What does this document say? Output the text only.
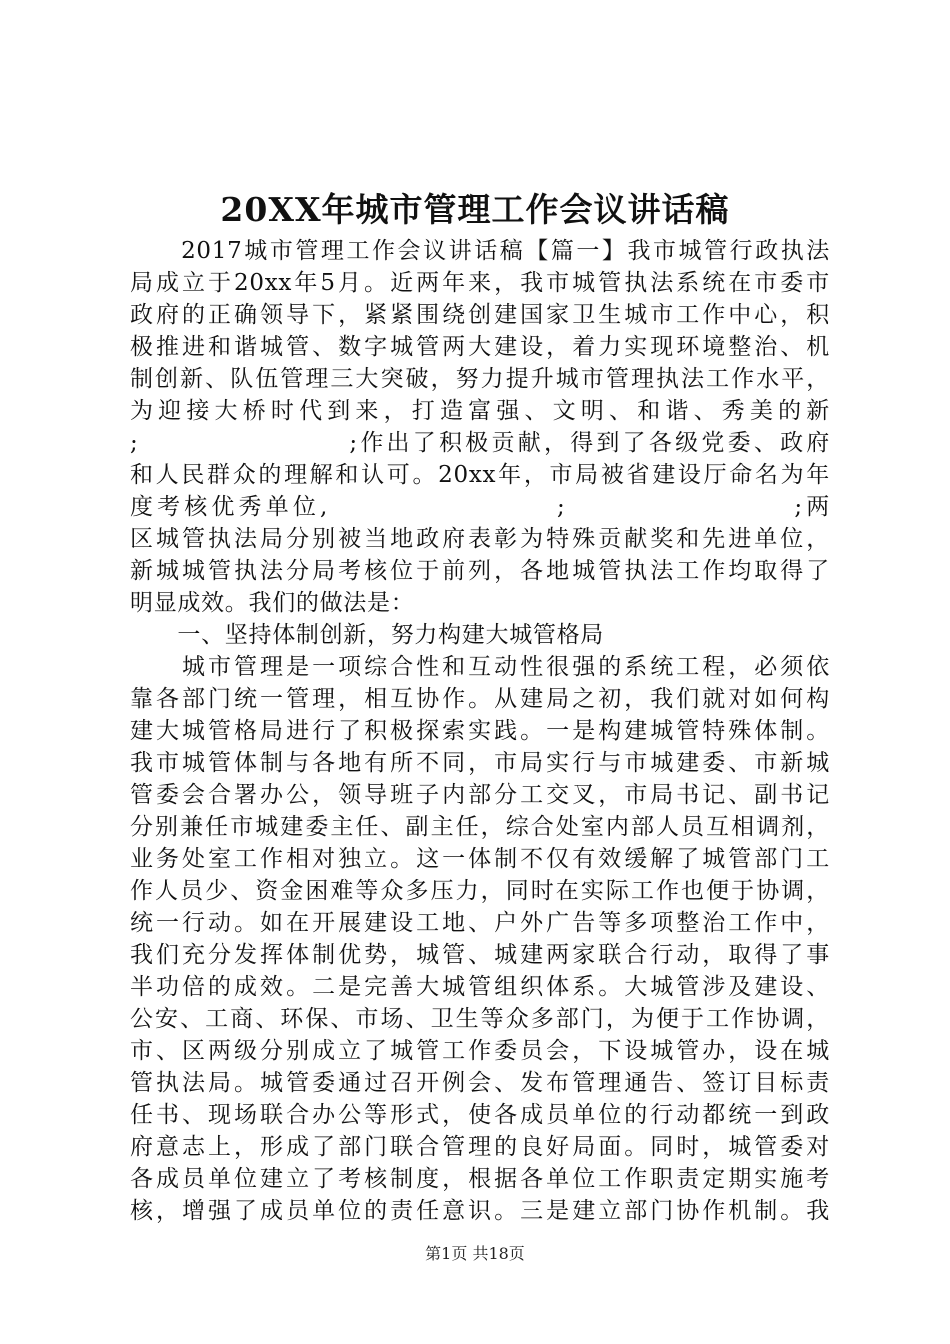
20XX年城市管理工作会议讲话稿
　　2017城市管理工作会议讲话稿【篇一】我市城管行政执法
局成立于20xx年5月。近两年来，我市城管执法系统在市委市
政府的正确领导下，紧紧围绕创建国家卫生城市工作中心，积
极推进和谐城管、数字城管两大建设，着力实现环境整治、机
制创新、队伍管理三大突破，努力提升城市管理执法工作水平，
为迎接大桥时代到来，打造富强、文明、和谐、秀美的新
;                    ;作出了积极贡献，得到了各级党委、政府
和人民群众的理解和认可。20xx年，市局被省建设厅命名为年
度考核优秀单位,                    ;                    ;两
区城管执法局分别被当地政府表彰为特殊贡献奖和先进单位，
新城城管执法分局考核位于前列，各地城管执法工作均取得了
明显成效。我们的做法是：
　　一、坚持体制创新，努力构建大城管格局
　　城市管理是一项综合性和互动性很强的系统工程，必须依
靠各部门统一管理，相互协作。从建局之初，我们就对如何构
建大城管格局进行了积极探索实践。一是构建城管特殊体制。
我市城管体制与各地有所不同，市局实行与市城建委、市新城
管委会合署办公，领导班子内部分工交叉，市局书记、副书记
分别兼任市城建委主任、副主任，综合处室内部人员互相调剂，
业务处室工作相对独立。这一体制不仅有效缓解了城管部门工
作人员少、资金困难等众多压力，同时在实际工作也便于协调，
统一行动。如在开展建设工地、户外广告等多项整治工作中，
我们充分发挥体制优势，城管、城建两家联合行动，取得了事
半功倍的成效。二是完善大城管组织体系。大城管涉及建设、
公安、工商、环保、市场、卫生等众多部门，为便于工作协调，
市、区两级分别成立了城管工作委员会，下设城管办，设在城
管执法局。城管委通过召开例会、发布管理通告、签订目标责
任书、现场联合办公等形式，使各成员单位的行动都统一到政
府意志上，形成了部门联合管理的良好局面。同时，城管委对
各成员单位建立了考核制度，根据各单位工作职责定期实施考
核，增强了成员单位的责任意识。三是建立部门协作机制。我
第1页 共18页
